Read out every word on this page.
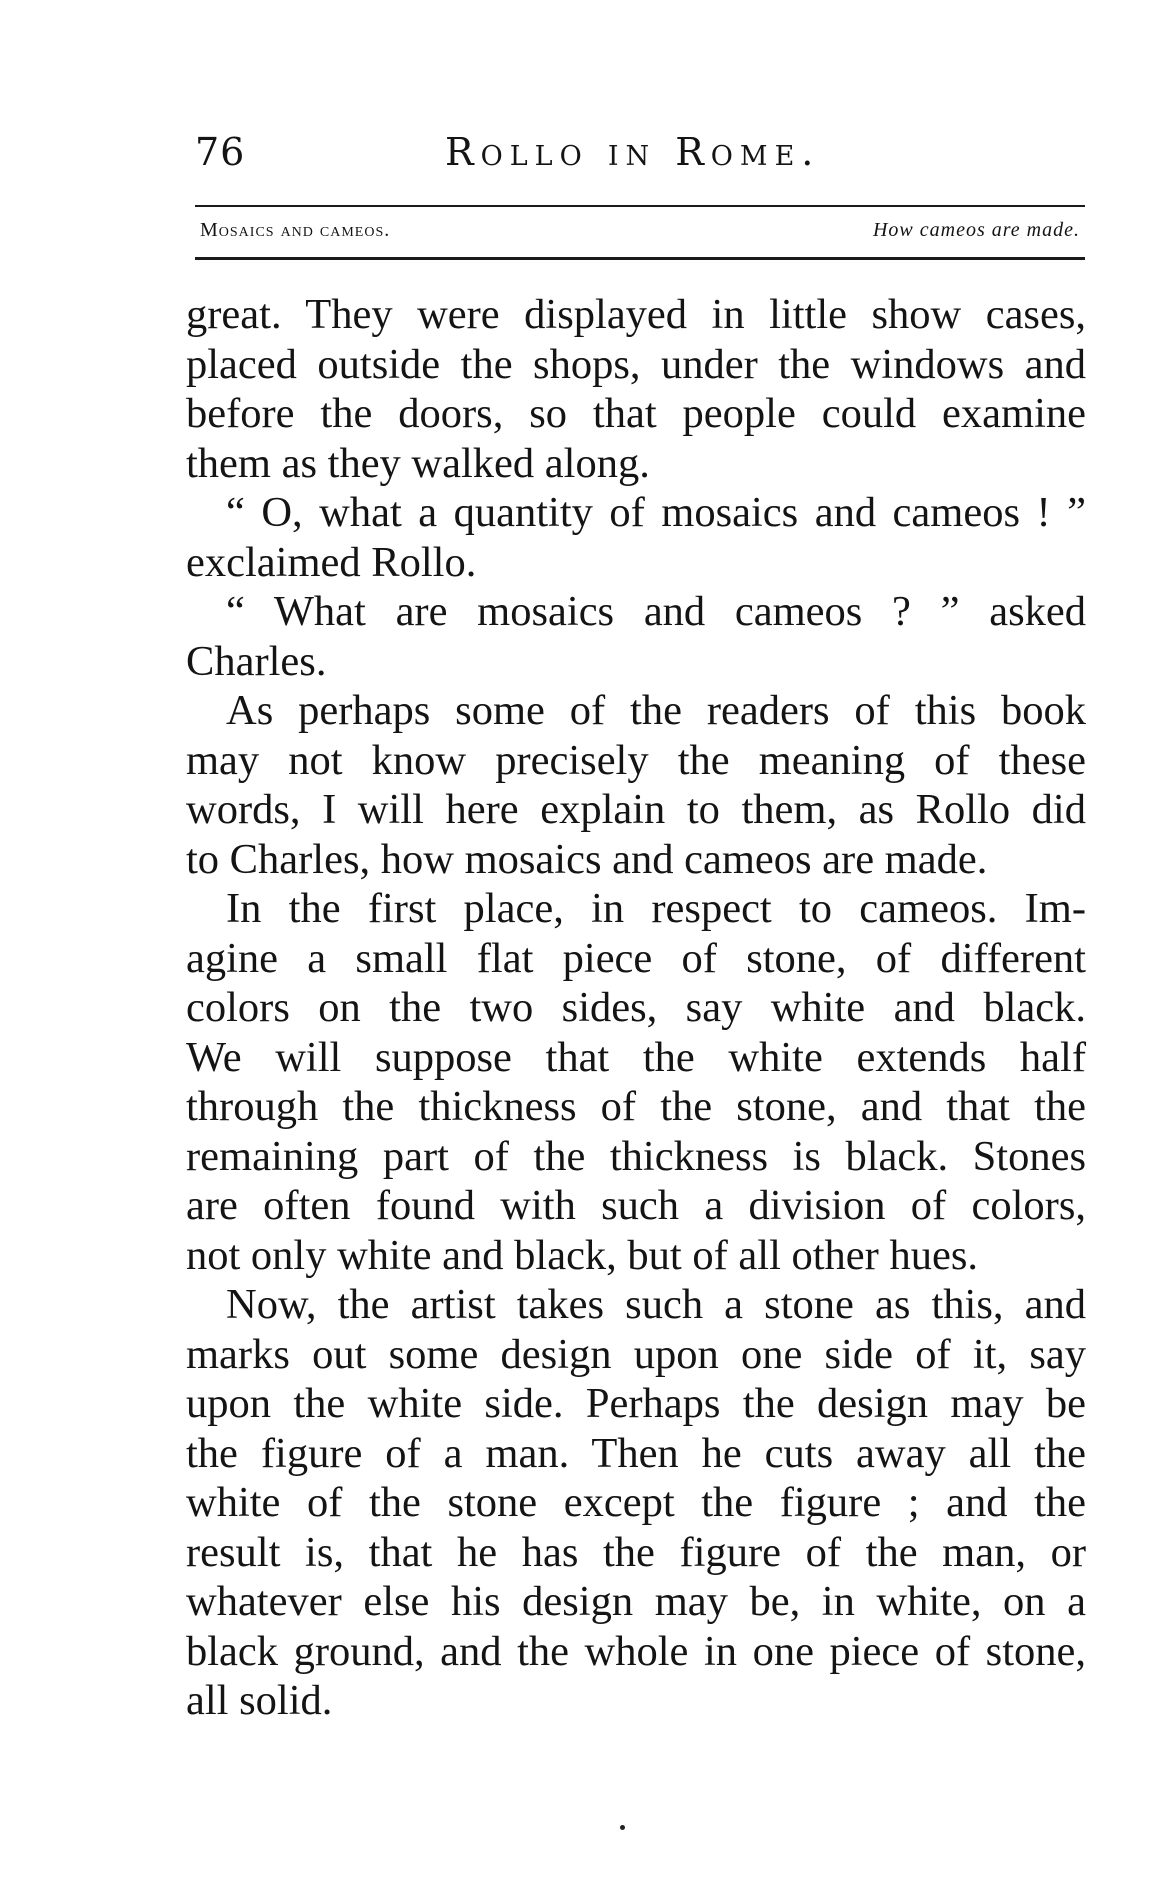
76	Rollo in Rome.
Mosaics and cameos.	How cameos are made.
great. They were displayed in little show cases,
placed outside the shops, under the windows and
before the doors, so that people could examine
them as they walked along.
“ O, what a quantity of mosaics and cameos ! ”
exclaimed Rollo.
“ What are mosaics and cameos ? ” asked
Charles.
As perhaps some of the readers of this book
may not know precisely the meaning of these
words, I will here explain to them, as Rollo did
to Charles, how mosaics and cameos are made.
In the first place, in respect to cameos. Im-
agine a small flat piece of stone, of different
colors on the two sides, say white and black.
We will suppose that the white extends half
through the thickness of the stone, and that the
remaining part of the thickness is black. Stones
are often found with such a division of colors,
not only white and black, but of all other hues.
Now, the artist takes such a stone as this, and
marks out some design upon one side of it, say
upon the white side. Perhaps the design may be
the figure of a man. Then he cuts away all the
white of the stone except the figure ; and the
result is, that he has the figure of the man, or
whatever else his design may be, in white, on a
black ground, and the whole in one piece of stone,
all solid.
